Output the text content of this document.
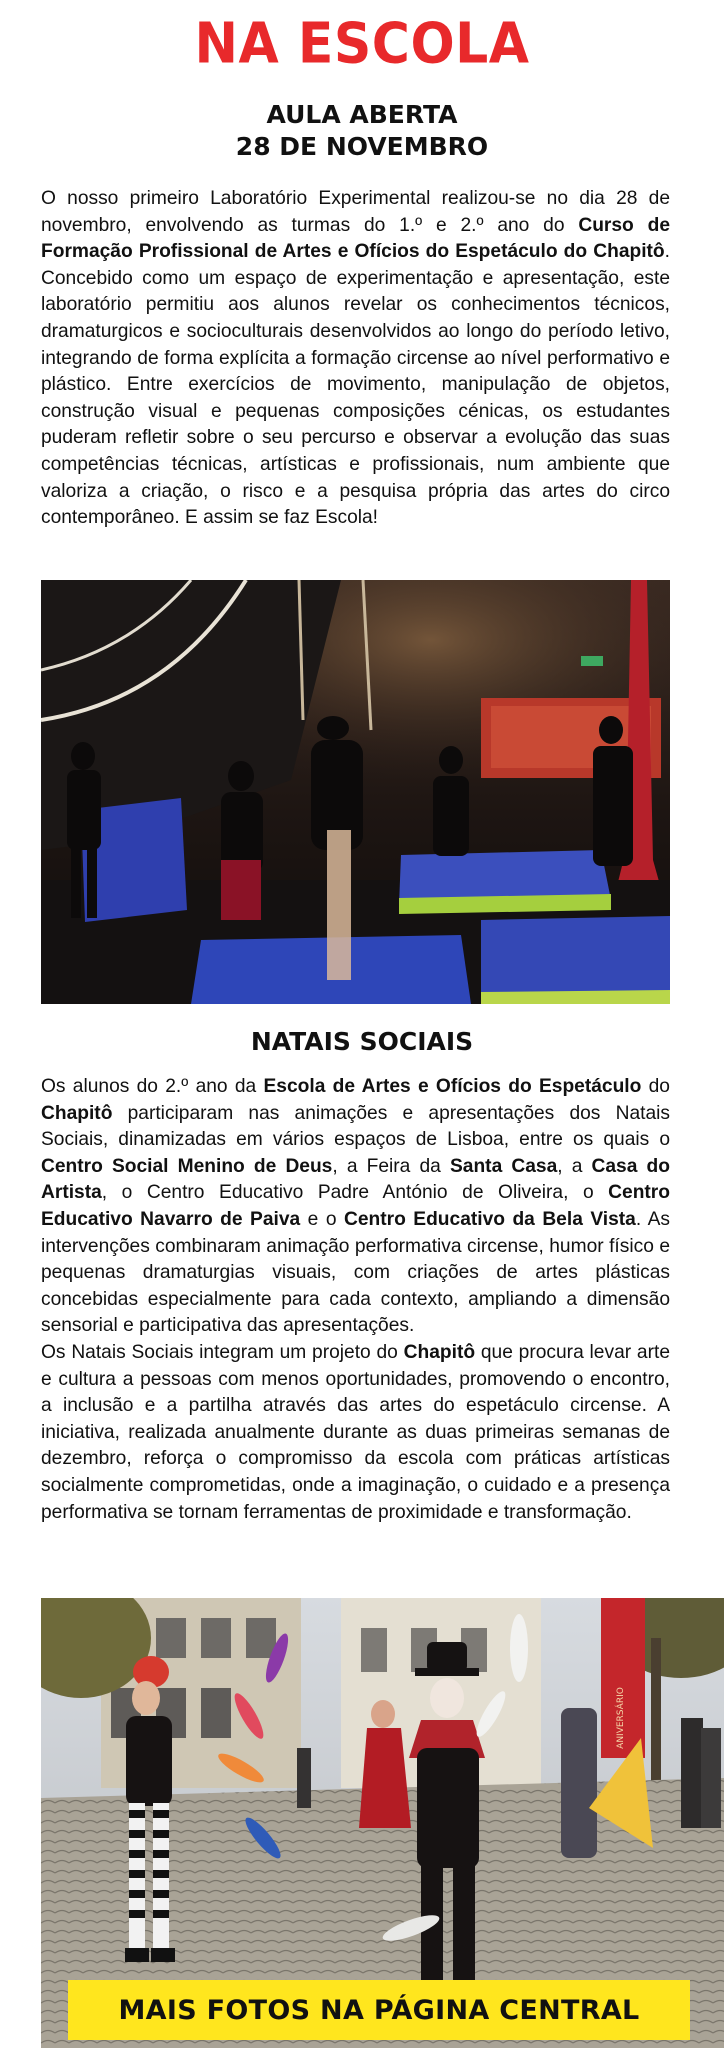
NA ESCOLA
AULA ABERTA
28 DE NOVEMBRO

O nosso primeiro Laboratório Experimental realizou-se no dia 28 de novembro, envolvendo as turmas do 1.º e 2.º ano do Curso de Formação Profissional de Artes e Ofícios do Espetáculo do Chapitô. Concebido como um espaço de experimentação e apresentação, este laboratório permitiu aos alunos revelar os conhecimentos técnicos, dramaturgicos e socioculturais desenvolvidos ao longo do período letivo, integrando de forma explícita a formação circense ao nível performativo e plástico. Entre exercícios de movimento, manipulação de objetos, construção visual e pequenas composições cénicas, os estudantes puderam refletir sobre o seu percurso e observar a evolução das suas competências técnicas, artísticas e profissionais, num ambiente que valoriza a criação, o risco e a pesquisa própria das artes do circo contemporâneo. E assim se faz Escola!

NATAIS SOCIAIS

Os alunos do 2.º ano da Escola de Artes e Ofícios do Espetáculo do Chapitô participaram nas animações e apresentações dos Natais Sociais, dinamizadas em vários espaços de Lisboa, entre os quais o Centro Social Menino de Deus, a Feira da Santa Casa, a Casa do Artista, o Centro Educativo Padre António de Oliveira, o Centro Educativo Navarro de Paiva e o Centro Educativo da Bela Vista. As intervenções combinaram animação performativa circense, humor físico e pequenas dramaturgias visuais, com criações de artes plásticas concebidas especialmente para cada contexto, ampliando a dimensão sensorial e participativa das apresentações.

Os Natais Sociais integram um projeto do Chapitô que procura levar arte e cultura a pessoas com menos oportunidades, promovendo o encontro, a inclusão e a partilha através das artes do espetáculo circense. A iniciativa, realizada anualmente durante as duas primeiras semanas de dezembro, reforça o compromisso da escola com práticas artísticas socialmente comprometidas, onde a imaginação, o cuidado e a presença performativa se tornam ferramentas de proximidade e transformação.

ANIVERSÁRIO
MAIS FOTOS NA PÁGINA CENTRAL
